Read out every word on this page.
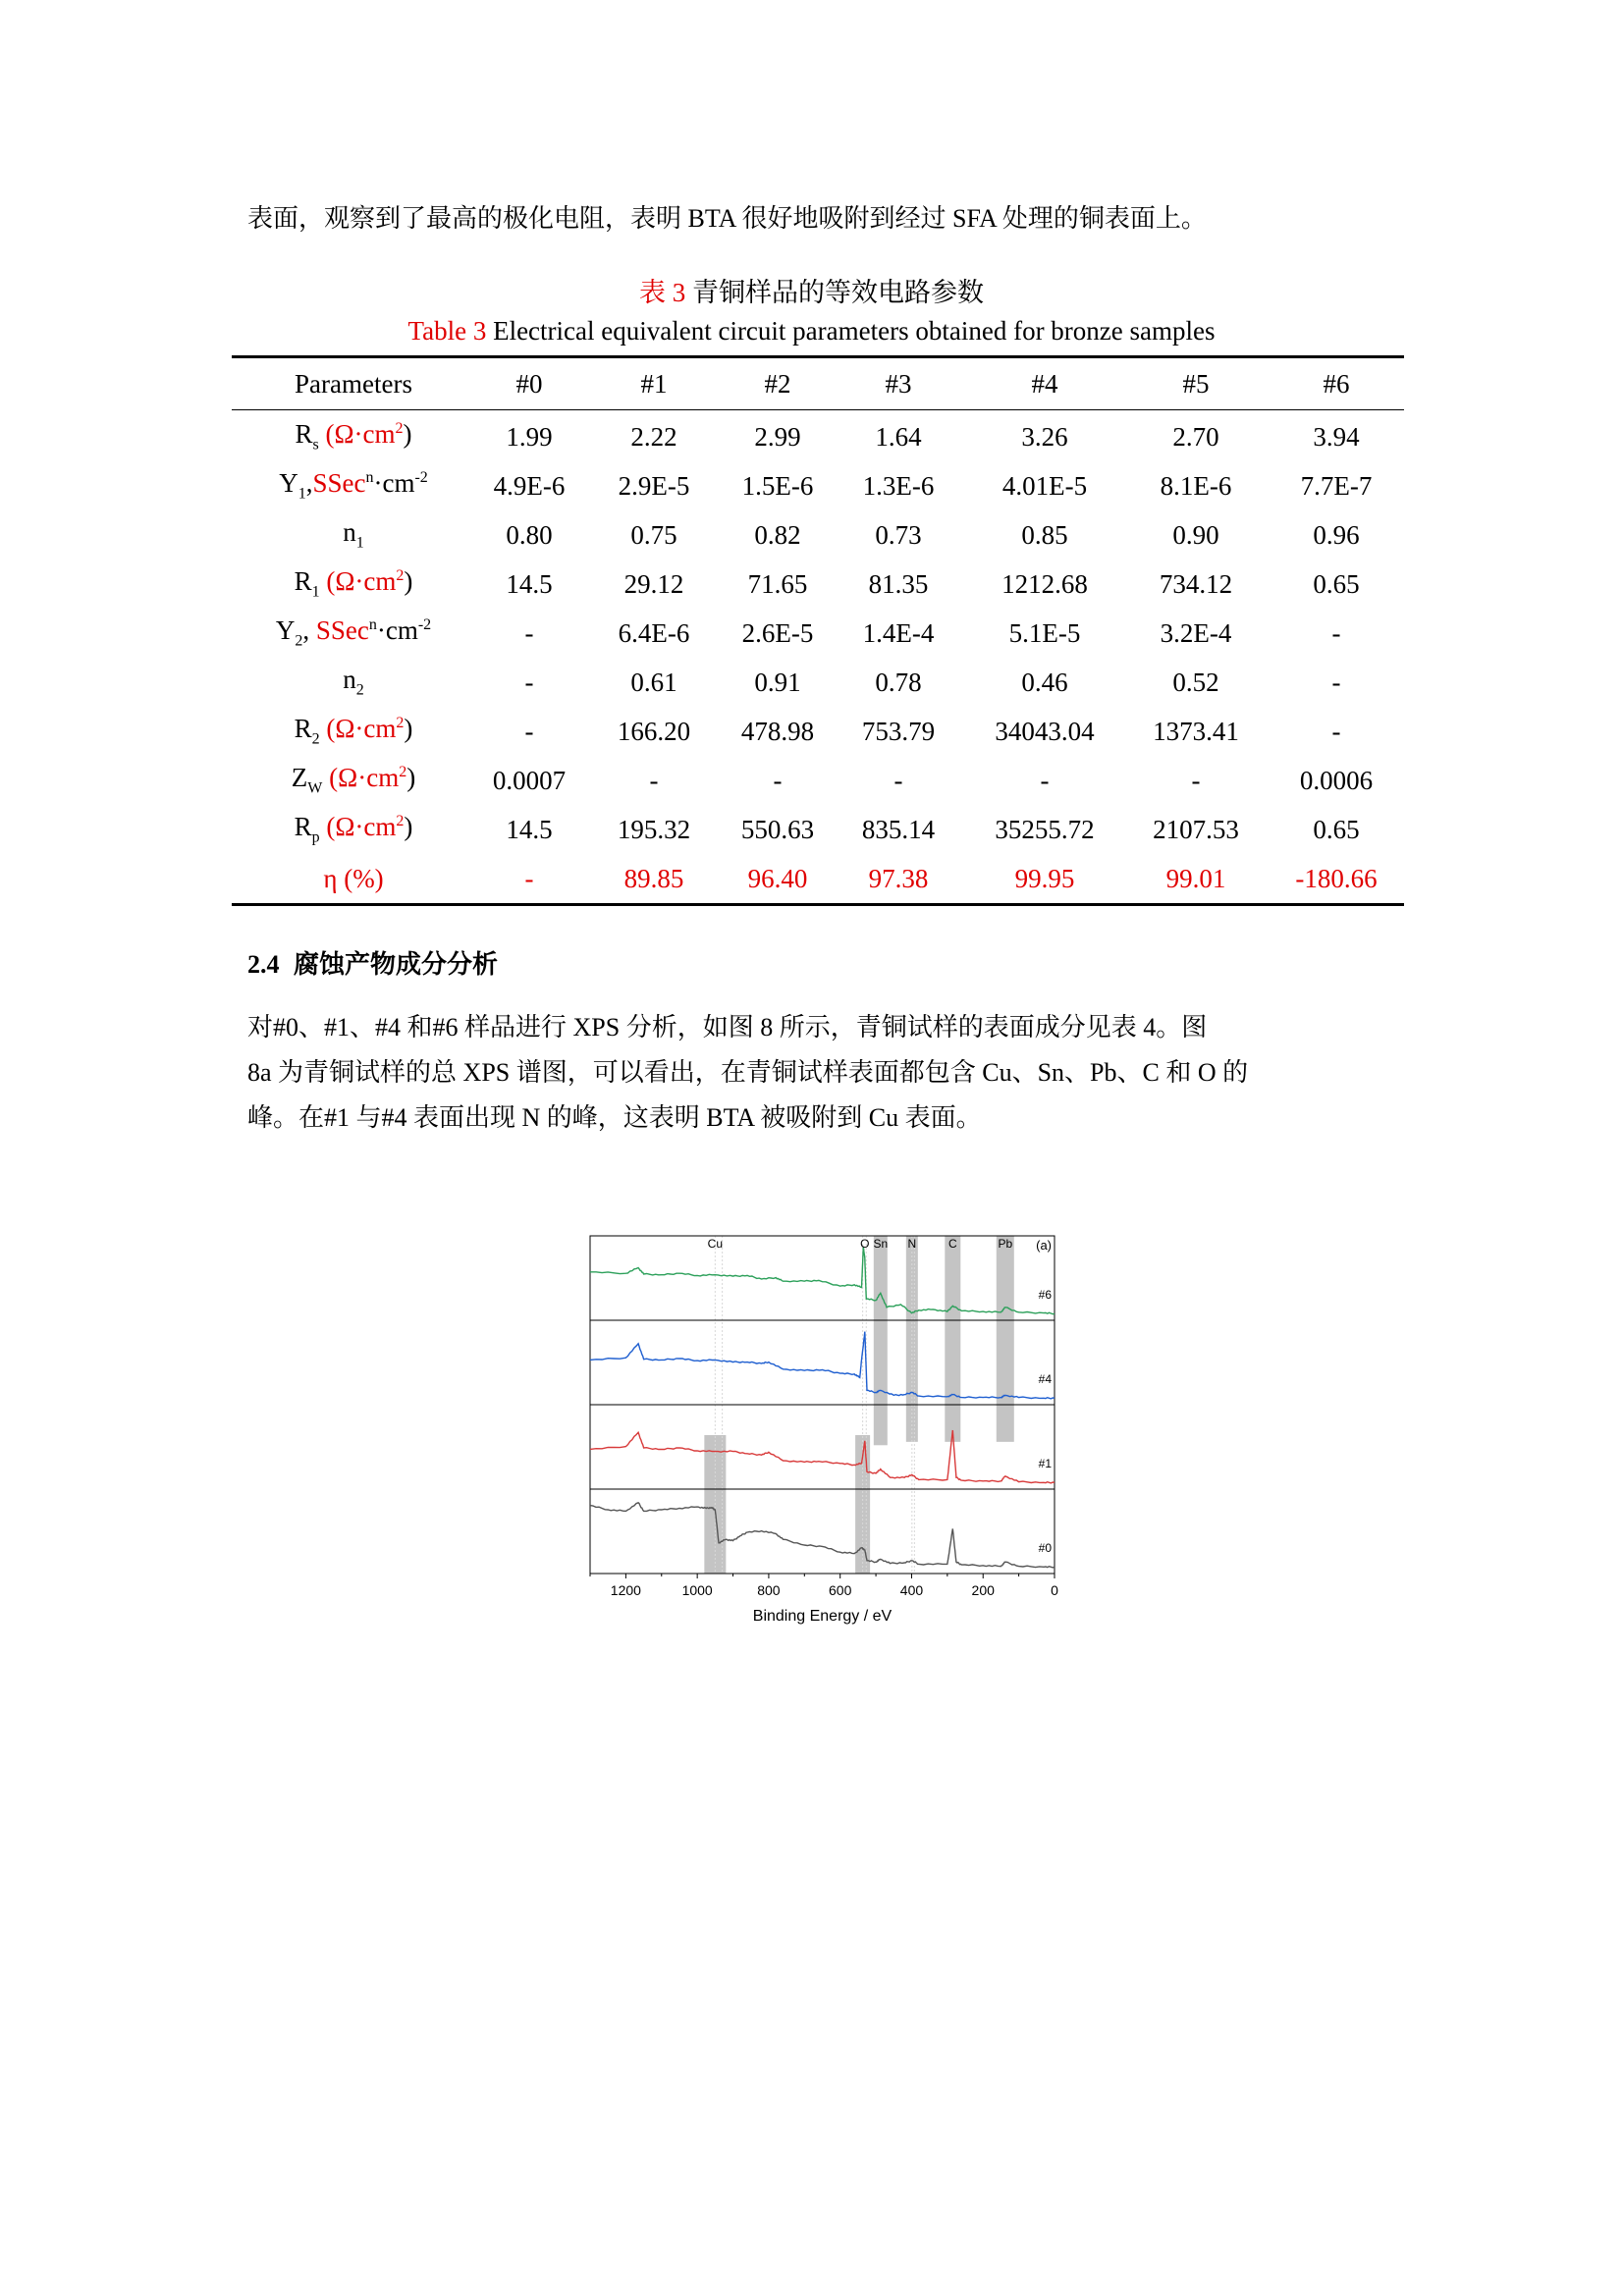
表面，观察到了最高的极化电阻，表明 BTA 很好地吸附到经过 SFA 处理的铜表面上。

表 3 青铜样品的等效电路参数
Table 3 Electrical equivalent circuit parameters obtained for bronze samples
Parameters	#0	#1	#2	#3	#4	#5	#6
$R_s$ $(\Omega\cdot cm^2)$	1.99	2.22	2.99	1.64	3.26	2.70	3.94
$Y_1,SSec^n\cdot cm^{-2}$	4.9E-6	2.9E-5	1.5E-6	1.3E-6	4.01E-5	8.1E-6	7.7E-7
$n_1$	0.80	0.75	0.82	0.73	0.85	0.90	0.96
$R_1$ $(\Omega\cdot cm^2)$	14.5	29.12	71.65	81.35	1212.68	734.12	0.65
$Y_2$, $SSec^n\cdot cm^{-2}$	-	6.4E-6	2.6E-5	1.4E-4	5.1E-5	3.2E-4	-
$n_2$	-	0.61	0.91	0.78	0.46	0.52	-
$R_2$ $(\Omega\cdot cm^2)$	-	166.20	478.98	753.79	34043.04	1373.41	-
$Z_W$ $(\Omega\cdot cm^2)$	0.0007	-	-	-	-	-	0.0006
$R_p$ $(\Omega\cdot cm^2)$	14.5	195.32	550.63	835.14	35255.72	2107.53	0.65
η (%)	-	89.85	96.40	97.38	99.95	99.01	-180.66
2.4 腐蚀产物成分分析

对#0、#1、#4 和#6 样品进行 XPS 分析，如图 8 所示，青铜试样的表面成分见表 4。图

8a 为青铜试样的总 XPS 谱图，可以看出，在青铜试样表面都包含 Cu、Sn、Pb、C 和 O 的

峰。在#1 与#4 表面出现 N 的峰，这表明 BTA 被吸附到 Cu 表面。

#6
#4
#1
#0
Cu	O Sn N	C	Pb
1200	1000	800	600	400	200	0
(a)
Binding Energy / eV
